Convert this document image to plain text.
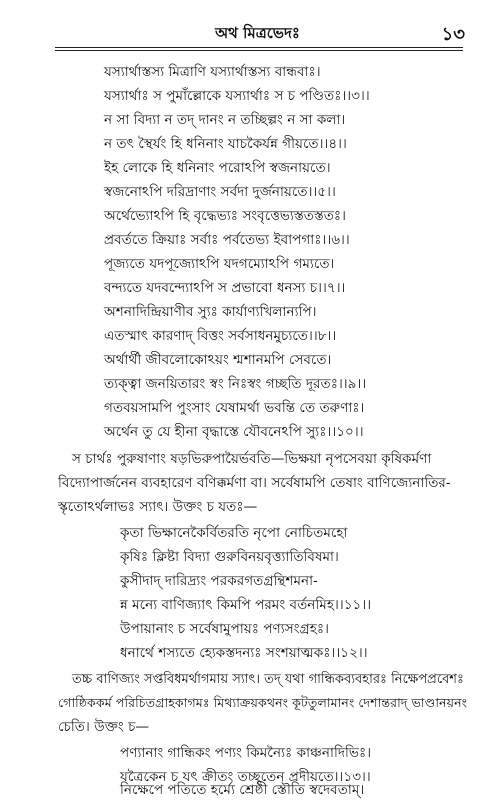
অথ মিত্রভেদঃ	১৩
যস্যার্থাস্তস্য মিত্রাণি যস্যার্থাস্তস্য বান্ধবাঃ।
যস্যার্থাঃ স পুমাঁল্লোকে যস্যার্থাঃ স চ পণ্ডিতঃ।।৩।।
ন সা বিদ্যা ন তদ্ দানং ন তচ্ছিল্পং ন সা কলা।
ন তৎ স্থৈর্যং হি ধনিনাং যাচকৈর্যন্ন গীয়তে।।৪।।
ইহ লোকে হি ধনিনাং পরোঽপি স্বজনায়তে।
স্বজনোঽপি দরিদ্রাণাং সর্বদা দুর্জনায়তে।।৫।।
অর্থেভ্যোঽপি হি বৃদ্ধেভ্যঃ সংবৃত্তেভ্যস্ততস্ততঃ।
প্রবর্ততে ক্রিয়াঃ সর্বাঃ পর্বতেভ্য ইবাপগাঃ।।৬।।
পূজ্যতে যদপূজ্যোঽপি যদগম্যোঽপি গম্যতে।
বন্দ্যতে যদবন্দ্যোঽপি স প্রভাবো ধনস্য চ।।৭।।
অশনাদিন্দ্রিয়াণীব স্যুঃ কার্যাণ্যখিলান্যপি।
এতস্মাৎ কারণাদ্ বিত্তং সর্বসাধনমুচ্যতে।।৮।।
অর্থার্থী জীবলোকোঽয়ং শ্মশানমপি সেবতে।
ত্যক্ত্বা জনয়িতারং স্বং নিঃস্বং গচ্ছতি দূরতঃ।।৯।।
গতবয়সামপি পুংসাং যেষামর্থা ভবন্তি তে তরুণাঃ।
অর্থেন তু যে হীনা বৃদ্ধাস্তে যৌবনেঽপি স্যুঃ।।১০।।
স চার্থঃ পুরুষাণাং ষড়ভিরুপায়ৈর্ভবতি—ভিক্ষয়া নৃপসেবয়া কৃষিকর্মণা
বিদ্যোপার্জনেন ব্যবহারেণ বণিক্কর্মণা বা। সর্বেষামপি তেষাং বাণিজ্যেনাতির-
স্কৃতোঽর্থলাভঃ স্যাৎ। উক্তং চ যতঃ—
কৃতা ভিক্ষানেকৈর্বিতরতি নৃপো নোচিতমহো
কৃষিঃ ক্লিষ্টা বিদ্যা গুরুবিনয়বৃত্ত্যাতিবিষমা।
কুসীদাদ্ দারিদ্র্যং পরকরগতগ্রন্থিশমনা-
ন্ন মন্যে বাণিজ্যাৎ কিমপি পরমং বর্তনমিহ।।১১।।
উপায়ানাং চ সর্বেষামুপায়ঃ পণ্যসংগ্রহঃ।
ধনার্থে শস্যতে হ্যেকস্তদন্যঃ সংশয়াত্মকঃ।।১২।।
তচ্চ বাণিজ্যং সপ্তবিধমর্থাগমায় স্যাৎ। তদ্ যথা গান্ধিকব্যবহারঃ নিক্ষেপপ্রবেশঃ
গোষ্ঠিককর্ম পরিচিতগ্রাহকাগমঃ মিথ্যাক্রয়কথনং কূটতুলামানং দেশান্তরাদ্ ভাণ্ডানয়নং
চেতি। উক্তং চ—
পণ্যানাং গান্ধিকং পণ্যং কিমন্যৈঃ কাঞ্চনাদিভিঃ।
যত্রৈকেন চ যৎ ক্রীতং তচ্ছতেন প্রদীয়তে।।১৩।।
নিক্ষেপে পতিতে হর্ম্যে শ্রেষ্ঠী স্তৌতি স্বদেবতাম্।
